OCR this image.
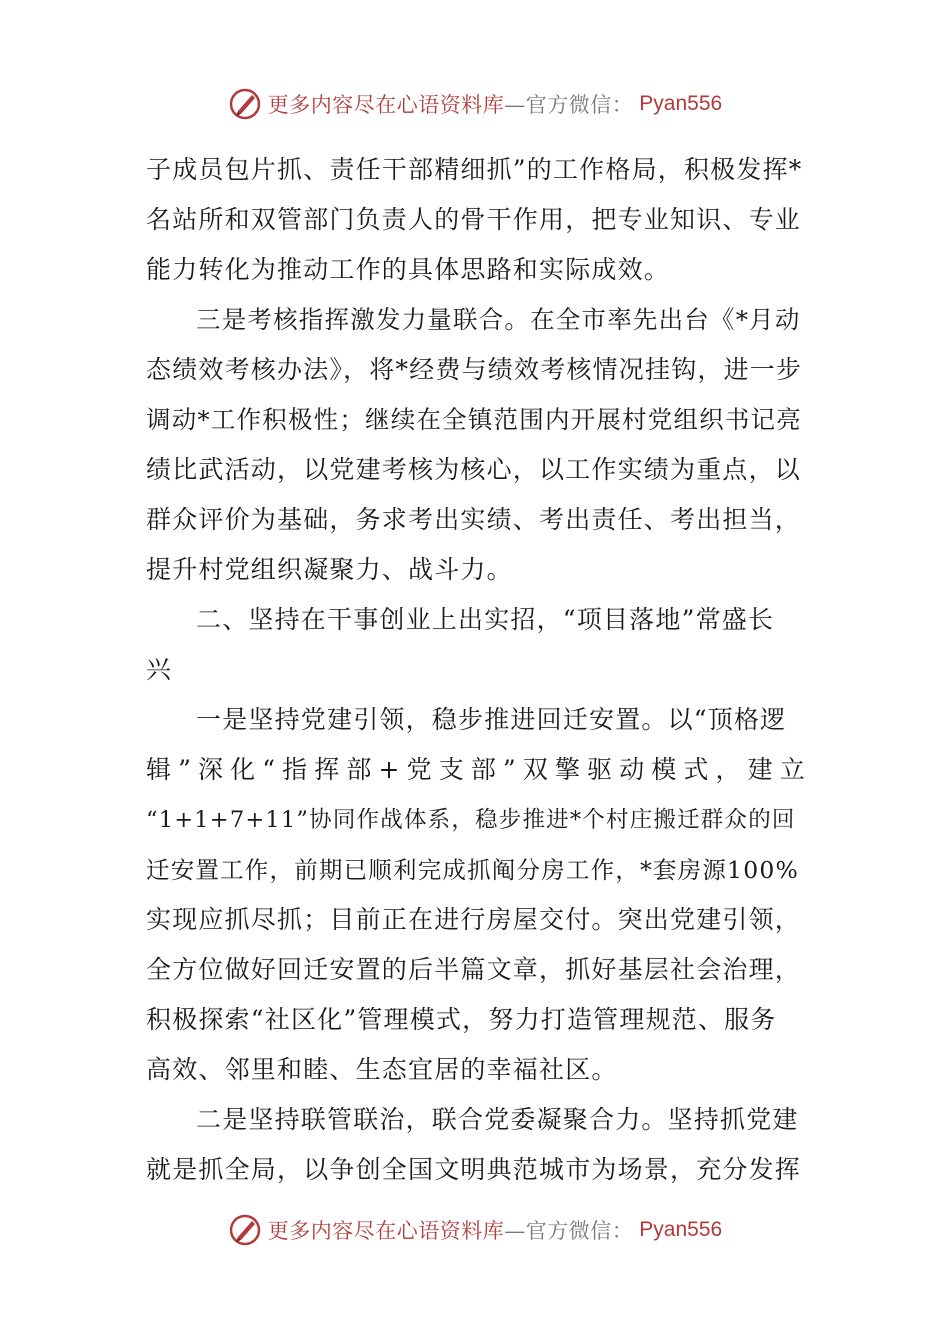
更多内容尽在心语资料库—官方微信： Pyan556
子成员包片抓、责任干部精细抓”的工作格局，积极发挥*
名站所和双管部门负责人的骨干作用，把专业知识、专业
能力转化为推动工作的具体思路和实际成效。
三是考核指挥激发力量联合。在全市率先出台《*月动
态绩效考核办法》，将*经费与绩效考核情况挂钩，进一步
调动*工作积极性；继续在全镇范围内开展村党组织书记亮
绩比武活动，以党建考核为核心，以工作实绩为重点，以
群众评价为基础，务求考出实绩、考出责任、考出担当，
提升村党组织凝聚力、战斗力。
二、坚持在干事创业上出实招，“项目落地”常盛长
兴
一是坚持党建引领，稳步推进回迁安置。以“顶格逻
辑”深化“指挥部+党支部”双擎驱动模式，建立
“1+1+7+11”协同作战体系，稳步推进*个村庄搬迁群众的回
迁安置工作，前期已顺利完成抓阄分房工作，*套房源100%
实现应抓尽抓；目前正在进行房屋交付。突出党建引领，
全方位做好回迁安置的后半篇文章，抓好基层社会治理，
积极探索“社区化”管理模式，努力打造管理规范、服务
高效、邻里和睦、生态宜居的幸福社区。
二是坚持联管联治，联合党委凝聚合力。坚持抓党建
就是抓全局，以争创全国文明典范城市为场景，充分发挥
更多内容尽在心语资料库—官方微信： Pyan556
